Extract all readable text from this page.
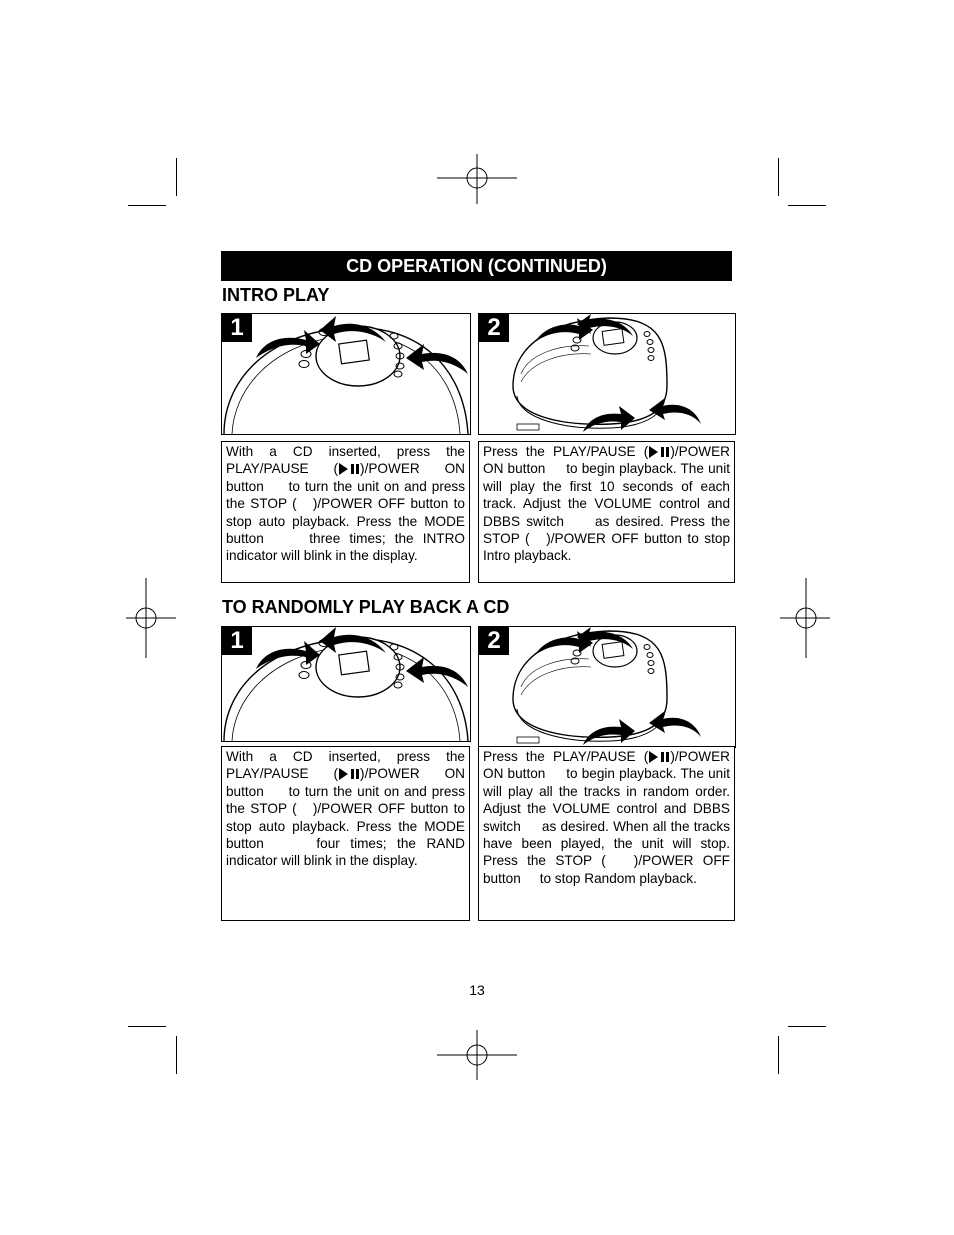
CD OPERATION (CONTINUED)
INTRO PLAY
1	2
With a CD inserted, press the PLAY/PAUSE ( )/POWER ON button to turn the unit on and press the STOP ( )/POWER OFF button to stop auto playback. Press the MODE button	three times; the INTRO indicator will blink in the display.
Press the PLAY/PAUSE ( )/POWER ON button to begin playback. The unit will play the first 10 seconds of each track. Adjust the VOLUME control and DBBS switch as desired. Press the STOP ( )/POWER OFF button to stop Intro playback.
TO RANDOMLY PLAY BACK A CD
1	2
With a CD inserted, press the PLAY/PAUSE ( )/POWER ON button to turn the unit on and press the STOP ( )/POWER OFF button to stop auto playback. Press the MODE button	four times; the RAND indicator will blink in the display.
Press the PLAY/PAUSE ( )/POWER ON button to begin playback. The unit will play all the tracks in random order. Adjust the VOLUME control and DBBS switch as desired. When all the tracks have been played, the unit will stop. Press the STOP ( )/POWER OFF button to stop Random playback.
13
